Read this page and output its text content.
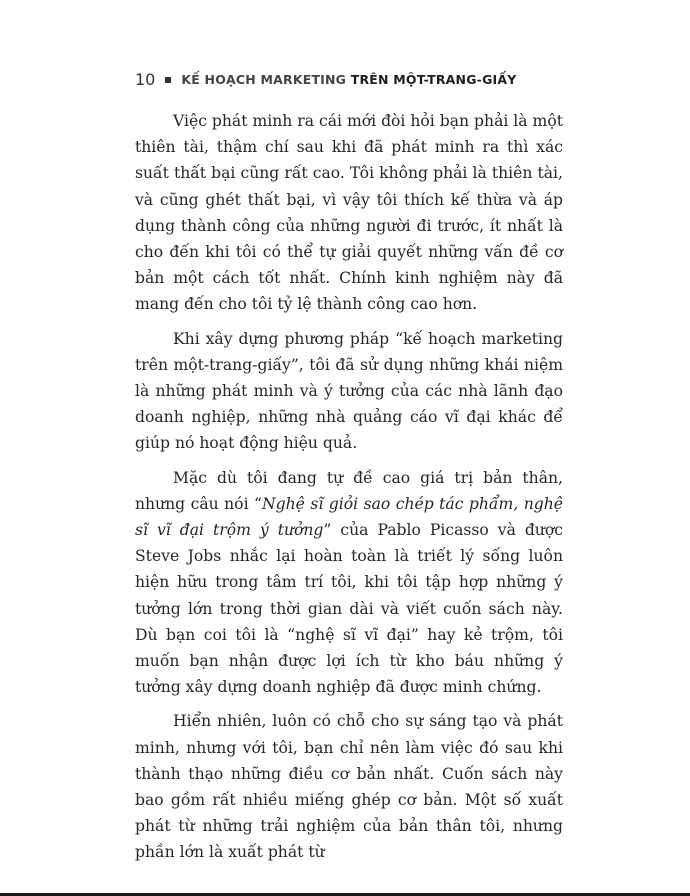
10 KẾ HOẠCH MARKETING TRÊN MỘT-TRANG-GIẤY

Việc phát minh ra cái mới đòi hỏi bạn phải là một thiên tài, thậm chí sau khi đã phát minh ra thì xác suất thất bại cũng rất cao. Tôi không phải là thiên tài, và cũng ghét thất bại, vì vậy tôi thích kế thừa và áp dụng thành công của những người đi trước, ít nhất là cho đến khi tôi có thể tự giải quyết những vấn đề cơ bản một cách tốt nhất. Chính kinh nghiệm này đã mang đến cho tôi tỷ lệ thành công cao hơn.

Khi xây dựng phương pháp “kế hoạch marketing trên một-trang-giấy”, tôi đã sử dụng những khái niệm là những phát minh và ý tưởng của các nhà lãnh đạo doanh nghiệp, những nhà quảng cáo vĩ đại khác để giúp nó hoạt động hiệu quả.

Mặc dù tôi đang tự đề cao giá trị bản thân, nhưng câu nói “Nghệ sĩ giỏi sao chép tác phẩm, nghệ sĩ vĩ đại trộm ý tưởng” của Pablo Picasso và được Steve Jobs nhắc lại hoàn toàn là triết lý sống luôn hiện hữu trong tâm trí tôi, khi tôi tập hợp những ý tưởng lớn trong thời gian dài và viết cuốn sách này. Dù bạn coi tôi là “nghệ sĩ vĩ đại” hay kẻ trộm, tôi muốn bạn nhận được lợi ích từ kho báu những ý tưởng xây dựng doanh nghiệp đã được minh chứng.

Hiển nhiên, luôn có chỗ cho sự sáng tạo và phát minh, nhưng với tôi, bạn chỉ nên làm việc đó sau khi thành thạo những điều cơ bản nhất. Cuốn sách này bao gồm rất nhiều miếng ghép cơ bản. Một số xuất phát từ những trải nghiệm của bản thân tôi, nhưng phần lớn là xuất phát từ
